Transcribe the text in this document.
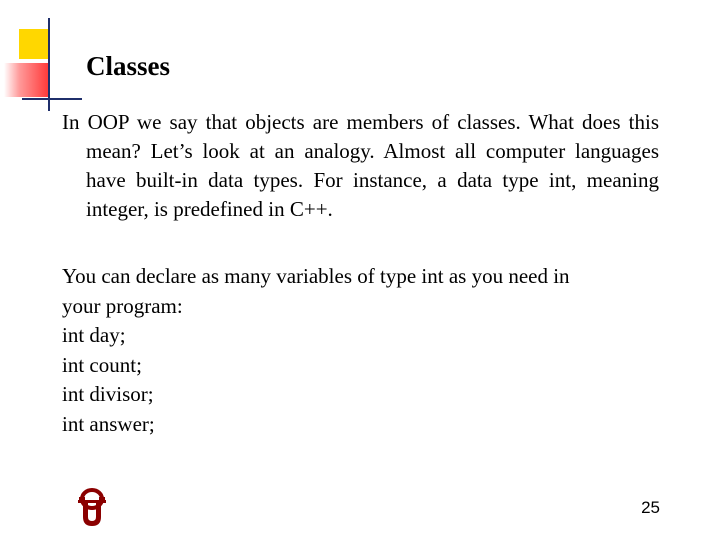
Classes
In OOP we say that objects are members of classes. What does this mean? Let’s look at an analogy. Almost all computer languages have built-in data types. For instance, a data type int, meaning integer, is predefined in C++.
You can declare as many variables of type int as you need in
your program:
int day;
int count;
int divisor;
int answer;
25
